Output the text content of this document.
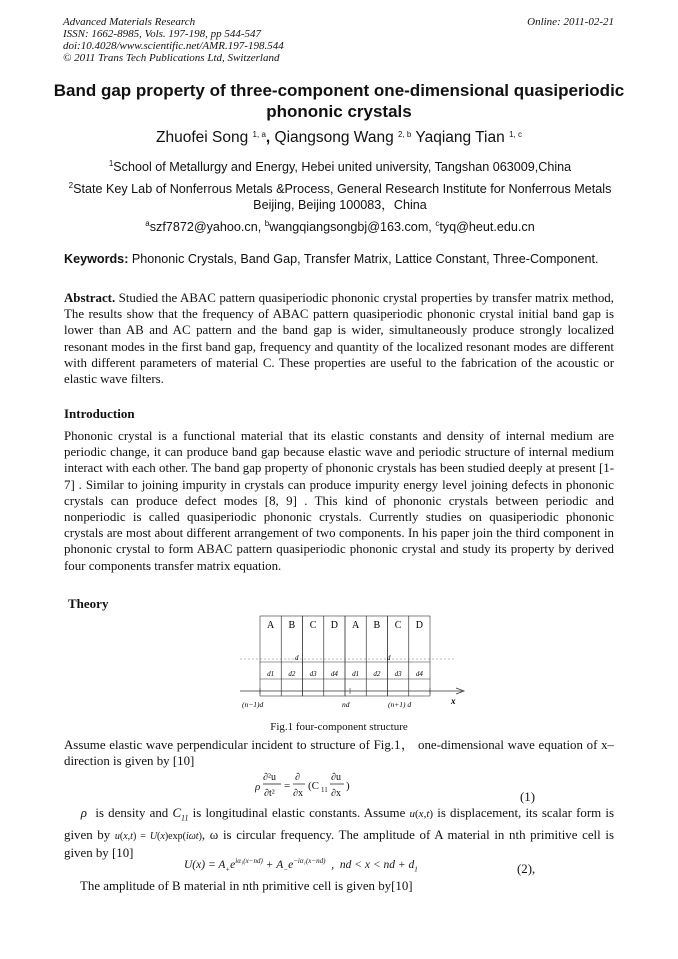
Advanced Materials Research
ISSN: 1662-8985, Vols. 197-198, pp 544-547
doi:10.4028/www.scientific.net/AMR.197-198.544
© 2011 Trans Tech Publications Ltd, Switzerland
Online: 2011-02-21
Band gap property of three-component one-dimensional quasiperiodic phononic crystals
Zhuofei Song $^{1, a}$, Qiangsong Wang $^{2, b}$ Yaqiang Tian $^{1, c}$
$^1$School of Metallurgy and Energy, Hebei united university, Tangshan 063009,China
$^2$State Key Lab of Nonferrous Metals &Process, General Research Institute for Nonferrous Metals
Beijing, Beijing 100083，China
$^a$szf7872@yahoo.cn, $^b$wangqiangsongbj@163.com, $^c$tyq@heut.edu.cn
Keywords: Phononic Crystals, Band Gap, Transfer Matrix, Lattice Constant, Three-Component.
Abstract. Studied the ABAC pattern quasiperiodic phononic crystal properties by transfer matrix method, The results show that the frequency of ABAC pattern quasiperiodic phononic crystal initial band gap is lower than AB and AC pattern and the band gap is wider, simultaneously produce strongly localized resonant modes in the first band gap, frequency and quantity of the localized resonant modes are different with different parameters of material C. These properties are useful to the fabrication of the acoustic or elastic wave filters.
Introduction
Phononic crystal is a functional material that its elastic constants and density of internal medium are periodic change, it can produce band gap because elastic wave and periodic structure of internal medium interact with each other. The band gap property of phononic crystals has been studied deeply at present [1-7] . Similar to joining impurity in crystals can produce impurity energy level joining defects in phononic crystals can produce defect modes [8, 9] . This kind of phononic crystals between periodic and nonperiodic is called quasiperiodic phononic crystals. Currently studies on quasiperiodic phononic crystals are most about different arrangement of two components. In his paper join the third component in phononic crystal to form ABAC pattern quasiperiodic phononic crystal and study its property by derived four components transfer matrix equation.
Theory
A B C D A B C D
d	d
d1 d2 d3 d4 d1 d2 d3 d4
(n−1)d	nd	(n+1) d	x
Fig.1 four-component structure
Assume elastic wave perpendicular incident to structure of Fig.1， one-dimensional wave equation of x–direction is given by [10]
ρ
∂²u
∂t²
=
∂
∂x
(C 11
∂u
∂x
)
(1)
ρ is density and $C_{11}$ is longitudinal elastic constants. Assume u(x,t) is displacement, its scalar form is given by u(x,t) = U(x)exp(iωt), ω is circular frequency. The amplitude of A material in nth primitive cell is given by [10]
$U(x) = A_+e^{i\alpha_1(x-nd)} + A_-e^{-i\alpha_1(x-nd)}$  ,  nd < x < nd + $d_1$	(2),
The amplitude of B material in nth primitive cell is given by[10]
